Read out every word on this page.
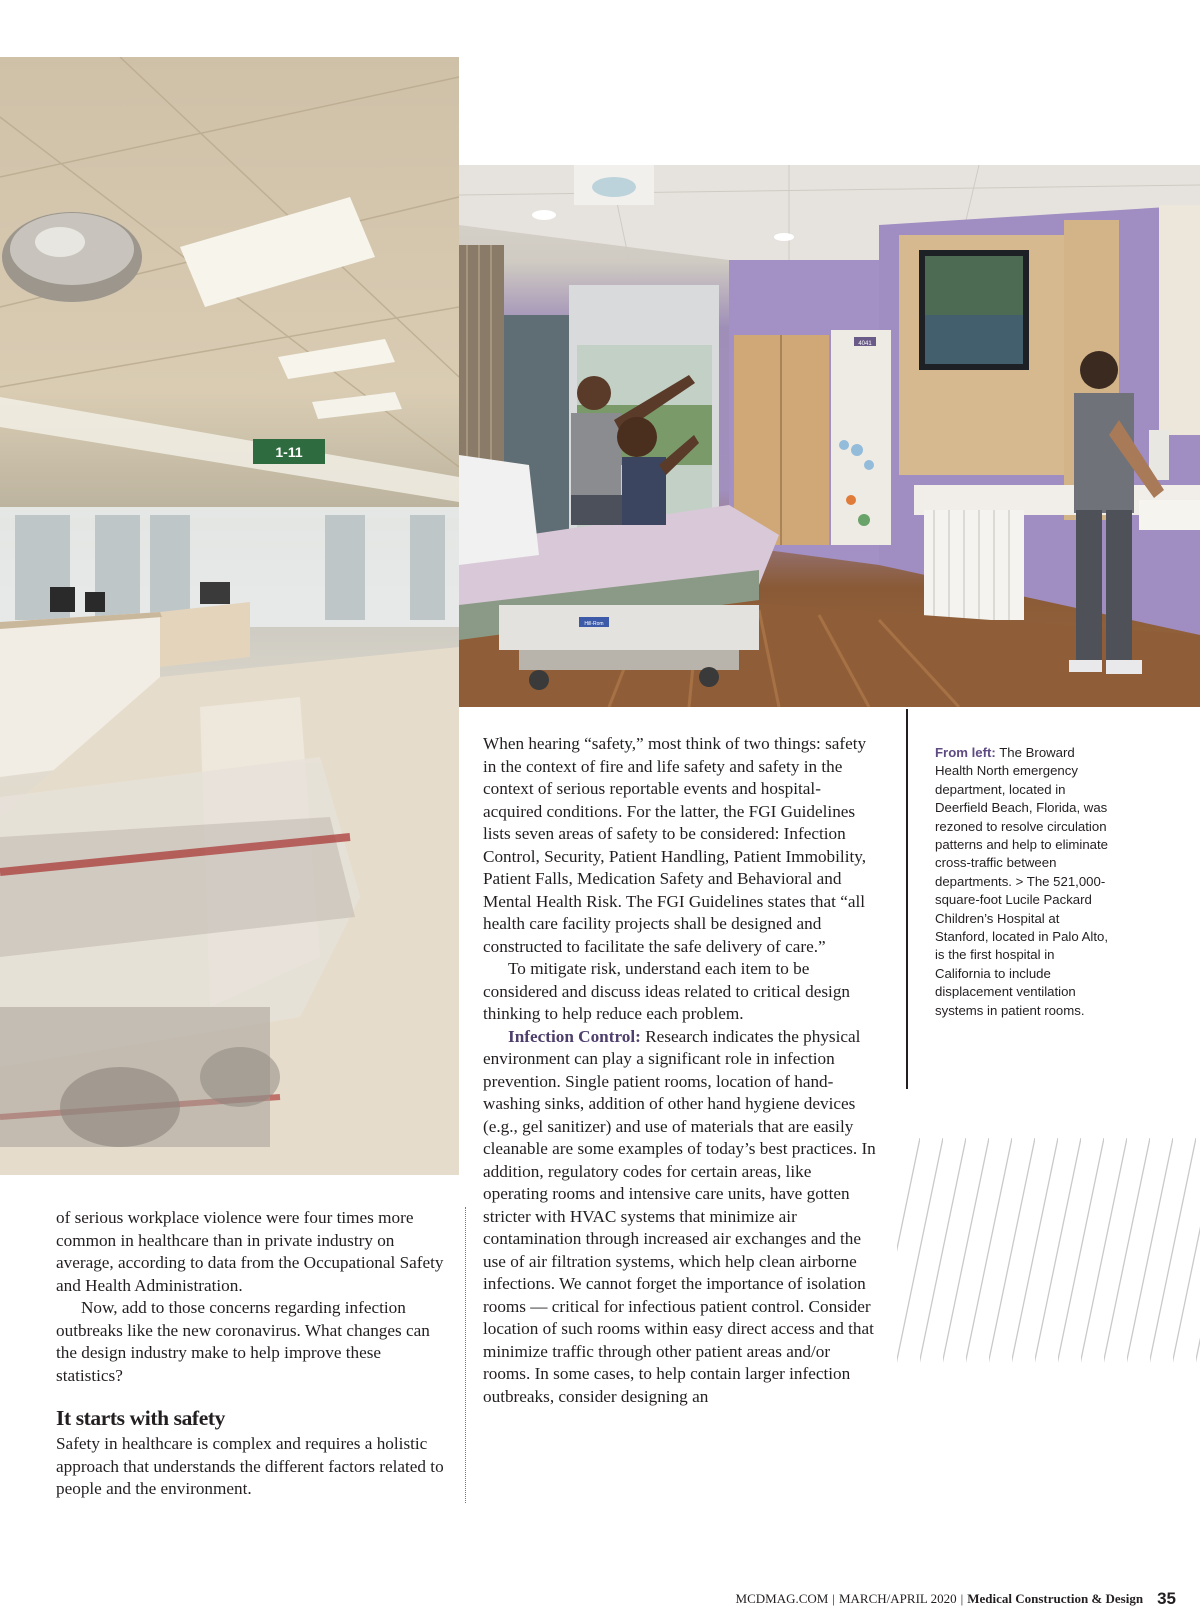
1-11
4041
Hill-Rom

of serious workplace violence were four times more common in healthcare than in private industry on average, according to data from the Occupational Safety and Health Administration.

Now, add to those concerns regarding infection outbreaks like the new coronavirus. What changes can the design industry make to help improve these statistics?

It starts with safety

Safety in healthcare is complex and requires a holistic approach that understands the different factors related to people and the environment.

When hearing “safety,” most think of two things: safety in the context of fire and life safety and safety in the context of serious reportable events and hospital-acquired conditions. For the latter, the FGI Guidelines lists seven areas of safety to be considered: Infection Control, Security, Patient Handling, Patient Immobility, Patient Falls, Medication Safety and Behavioral and Mental Health Risk. The FGI Guidelines states that “all health care facility projects shall be designed and constructed to facilitate the safe delivery of care.”

To mitigate risk, understand each item to be considered and discuss ideas related to critical design thinking to help reduce each problem.

Infection Control: Research indicates the physical environment can play a significant role in infection prevention. Single patient rooms, location of hand-washing sinks, addition of other hand hygiene devices (e.g., gel sanitizer) and use of materials that are easily cleanable are some examples of today’s best practices. In addition, regulatory codes for certain areas, like operating rooms and intensive care units, have gotten stricter with HVAC systems that minimize air contamination through increased air exchanges and the use of air filtration systems, which help clean airborne infections. We cannot forget the importance of isolation rooms — critical for infectious patient control. Consider location of such rooms within easy direct access and that minimize traffic through other patient areas and/or rooms. In some cases, to help contain larger infection outbreaks, consider designing an

From left: The Broward Health North emergency department, located in Deerfield Beach, Florida, was rezoned to resolve circulation patterns and help to eliminate cross-traffic between departments. > The 521,000-square-foot Lucile Packard Children’s Hospital at Stanford, located in Palo Alto, is the first hospital in California to include displacement ventilation systems in patient rooms.
MCDMAG.COM | MARCH/APRIL 2020 | Medical Construction & Design 35
